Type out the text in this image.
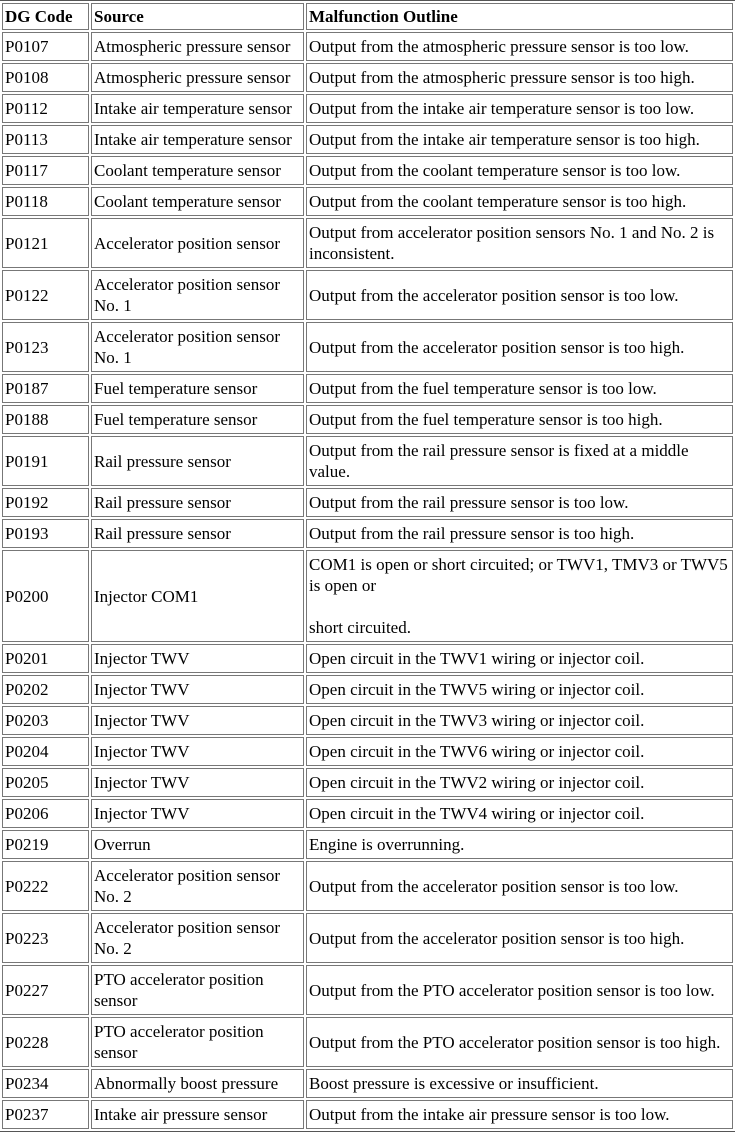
DG Code	Source	Malfunction Outline
P0107	Atmospheric pressure sensor	Output from the atmospheric pressure sensor is too low.
P0108	Atmospheric pressure sensor	Output from the atmospheric pressure sensor is too high.
P0112	Intake air temperature sensor	Output from the intake air temperature sensor is too low.
P0113	Intake air temperature sensor	Output from the intake air temperature sensor is too high.
P0117	Coolant temperature sensor	Output from the coolant temperature sensor is too low.
P0118	Coolant temperature sensor	Output from the coolant temperature sensor is too high.
P0121	Accelerator position sensor	Output from accelerator position sensors No. 1 and No. 2 is inconsistent.
P0122	Accelerator position sensor No. 1	Output from the accelerator position sensor is too low.
P0123	Accelerator position sensor No. 1	Output from the accelerator position sensor is too high.
P0187	Fuel temperature sensor	Output from the fuel temperature sensor is too low.
P0188	Fuel temperature sensor	Output from the fuel temperature sensor is too high.
P0191	Rail pressure sensor	Output from the rail pressure sensor is fixed at a middle value.
P0192	Rail pressure sensor	Output from the rail pressure sensor is too low.
P0193	Rail pressure sensor	Output from the rail pressure sensor is too high.
P0200	Injector COM1	COM1 is open or short circuited; or TWV1, TMV3 or TWV5 is open or

short circuited.
P0201	Injector TWV	Open circuit in the TWV1 wiring or injector coil.
P0202	Injector TWV	Open circuit in the TWV5 wiring or injector coil.
P0203	Injector TWV	Open circuit in the TWV3 wiring or injector coil.
P0204	Injector TWV	Open circuit in the TWV6 wiring or injector coil.
P0205	Injector TWV	Open circuit in the TWV2 wiring or injector coil.
P0206	Injector TWV	Open circuit in the TWV4 wiring or injector coil.
P0219	Overrun	Engine is overrunning.
P0222	Accelerator position sensor No. 2	Output from the accelerator position sensor is too low.
P0223	Accelerator position sensor No. 2	Output from the accelerator position sensor is too high.
P0227	PTO accelerator position sensor	Output from the PTO accelerator position sensor is too low.
P0228	PTO accelerator position sensor	Output from the PTO accelerator position sensor is too high.
P0234	Abnormally boost pressure	Boost pressure is excessive or insufficient.
P0237	Intake air pressure sensor	Output from the intake air pressure sensor is too low.
